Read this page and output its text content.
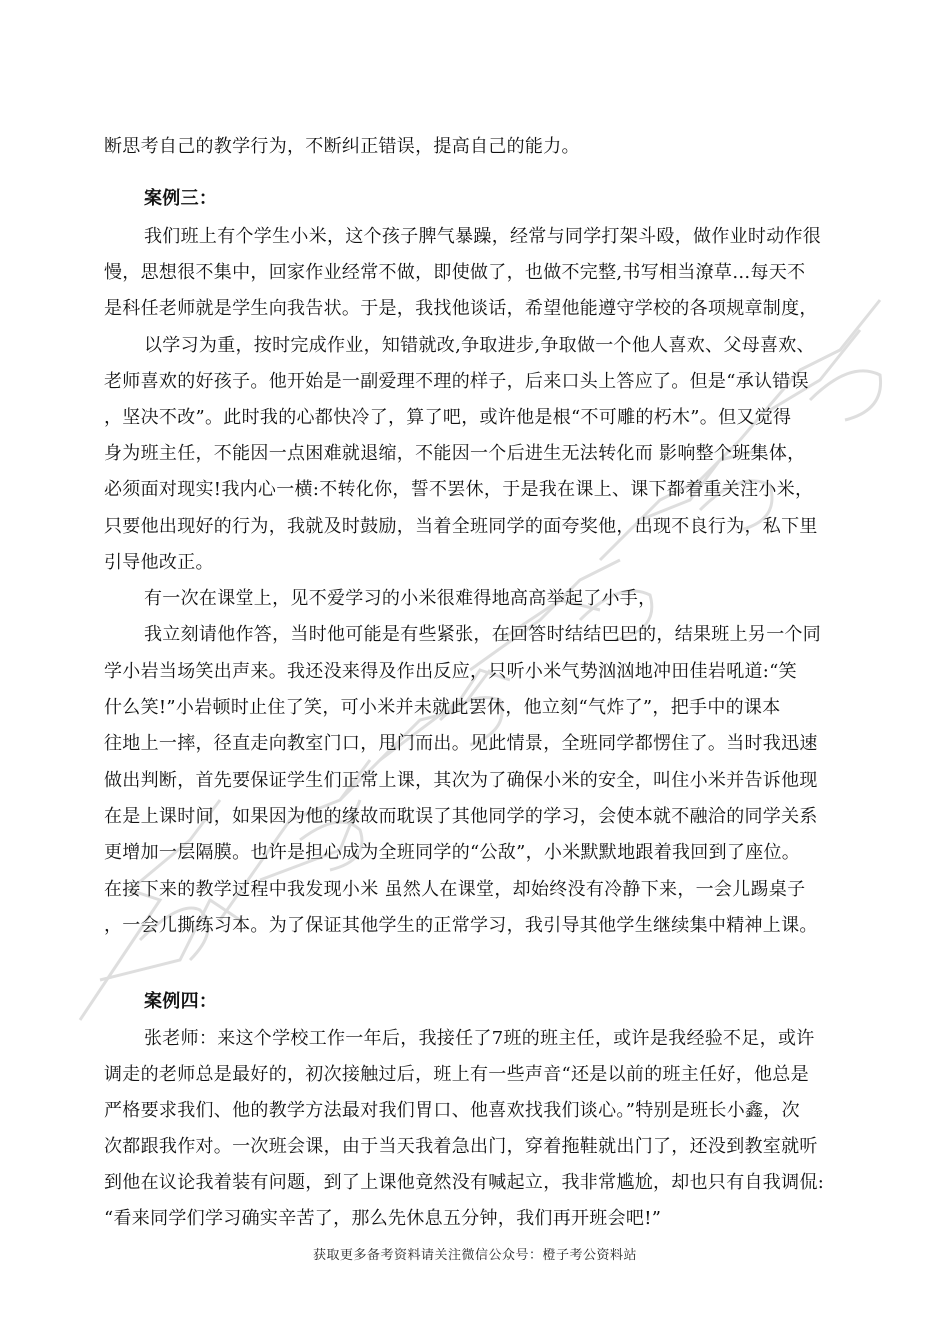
断思考自己的教学行为，不断纠正错误，提高自己的能力。
案例三：
我们班上有个学生小米，这个孩子脾气暴躁，经常与同学打架斗殴，做作业时动作很
慢，思想很不集中，回家作业经常不做，即使做了，也做不完整,书写相当潦草…每天不
是科任老师就是学生向我告状。于是，我找他谈话，希望他能遵守学校的各项规章制度，
以学习为重，按时完成作业，知错就改,争取进步,争取做一个他人喜欢、父母喜欢、
老师喜欢的好孩子。他开始是一副爱理不理的样子，后来口头上答应了。但是“承认错误
，坚决不改”。此时我的心都快冷了，算了吧，或许他是根“不可雕的朽木”。但又觉得
身为班主任，不能因一点困难就退缩，不能因一个后进生无法转化而 影响整个班集体，
必须面对现实!我内心一横:不转化你，誓不罢休，于是我在课上、课下都着重关注小米，
只要他出现好的行为，我就及时鼓励，当着全班同学的面夸奖他，出现不良行为，私下里
引导他改正。
有一次在课堂上，见不爱学习的小米很难得地高高举起了小手，
我立刻请他作答，当时他可能是有些紧张，在回答时结结巴巴的，结果班上另一个同
学小岩当场笑出声来。我还没来得及作出反应，只听小米气势汹汹地冲田佳岩吼道:“笑
什么笑!”小岩顿时止住了笑，可小米并未就此罢休，他立刻“气炸了”，把手中的课本
往地上一摔，径直走向教室门口，甩门而出。见此情景，全班同学都愣住了。当时我迅速
做出判断，首先要保证学生们正常上课，其次为了确保小米的安全，叫住小米并告诉他现
在是上课时间，如果因为他的缘故而耽误了其他同学的学习，会使本就不融洽的同学关系
更增加一层隔膜。也许是担心成为全班同学的“公敌”，小米默默地跟着我回到了座位。
在接下来的教学过程中我发现小米 虽然人在课堂，却始终没有冷静下来，一会儿踢桌子
，一会儿撕练习本。为了保证其他学生的正常学习，我引导其他学生继续集中精神上课。
案例四：
张老师：来这个学校工作一年后，我接任了7班的班主任，或许是我经验不足，或许
调走的老师总是最好的，初次接触过后，班上有一些声音“还是以前的班主任好，他总是
严格要求我们、他的教学方法最对我们胃口、他喜欢找我们谈心。”特别是班长小鑫，次
次都跟我作对。一次班会课，由于当天我着急出门，穿着拖鞋就出门了，还没到教室就听
到他在议论我着装有问题，到了上课他竟然没有喊起立，我非常尴尬，却也只有自我调侃:
“看来同学们学习确实辛苦了，那么先休息五分钟，我们再开班会吧!”
获取更多备考资料请关注微信公众号：橙子考公资料站
